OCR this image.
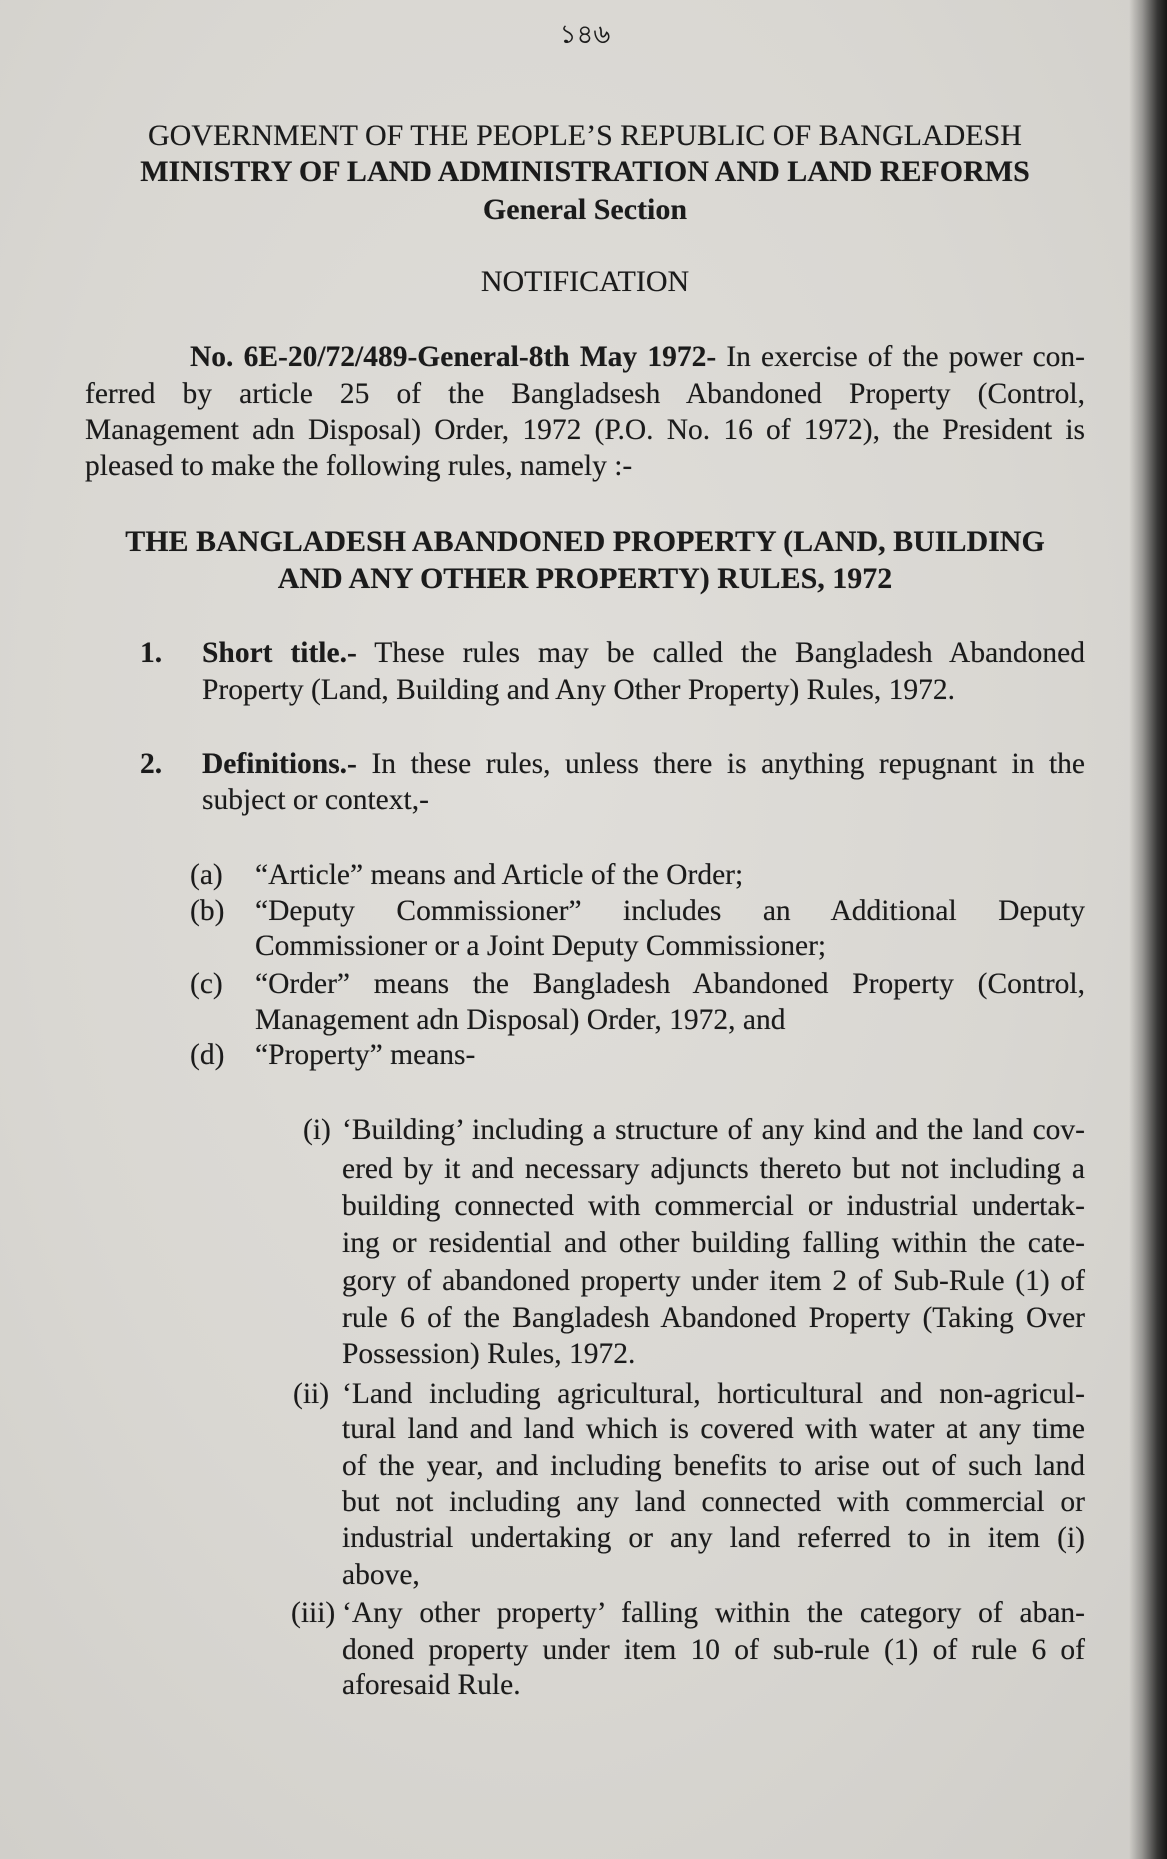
১৪৬
GOVERNMENT OF THE PEOPLE’S REPUBLIC OF BANGLADESH
MINISTRY OF LAND ADMINISTRATION AND LAND REFORMS
General Section
NOTIFICATION
No. 6E-20/72/489-General-8th May 1972- In exercise of the power con-
ferred by article 25 of the Bangladsesh Abandoned Property (Control,
Management adn Disposal) Order, 1972 (P.O. No. 16 of 1972), the President is
pleased to make the following rules, namely :-
THE BANGLADESH ABANDONED PROPERTY (LAND, BUILDING
AND ANY OTHER PROPERTY) RULES, 1972
1. Short title.- These rules may be called the Bangladesh Abandoned
Property (Land, Building and Any Other Property) Rules, 1972.
2. Definitions.- In these rules, unless there is anything repugnant in the
subject or context,-
(a) “Article” means and Article of the Order;
(b) “Deputy Commissioner” includes an Additional Deputy
Commissioner or a Joint Deputy Commissioner;
(c) “Order” means the Bangladesh Abandoned Property (Control,
Management adn Disposal) Order, 1972, and
(d) “Property” means-
(i) ‘Building’ including a structure of any kind and the land cov-
ered by it and necessary adjuncts thereto but not including a
building connected with commercial or industrial undertak-
ing or residential and other building falling within the cate-
gory of abandoned property under item 2 of Sub-Rule (1) of
rule 6 of the Bangladesh Abandoned Property (Taking Over
Possession) Rules, 1972.
(ii) ‘Land including agricultural, horticultural and non-agricul-
tural land and land which is covered with water at any time
of the year, and including benefits to arise out of such land
but not including any land connected with commercial or
industrial undertaking or any land referred to in item (i)
above,
(iii) ‘Any other property’ falling within the category of aban-
doned property under item 10 of sub-rule (1) of rule 6 of
aforesaid Rule.
